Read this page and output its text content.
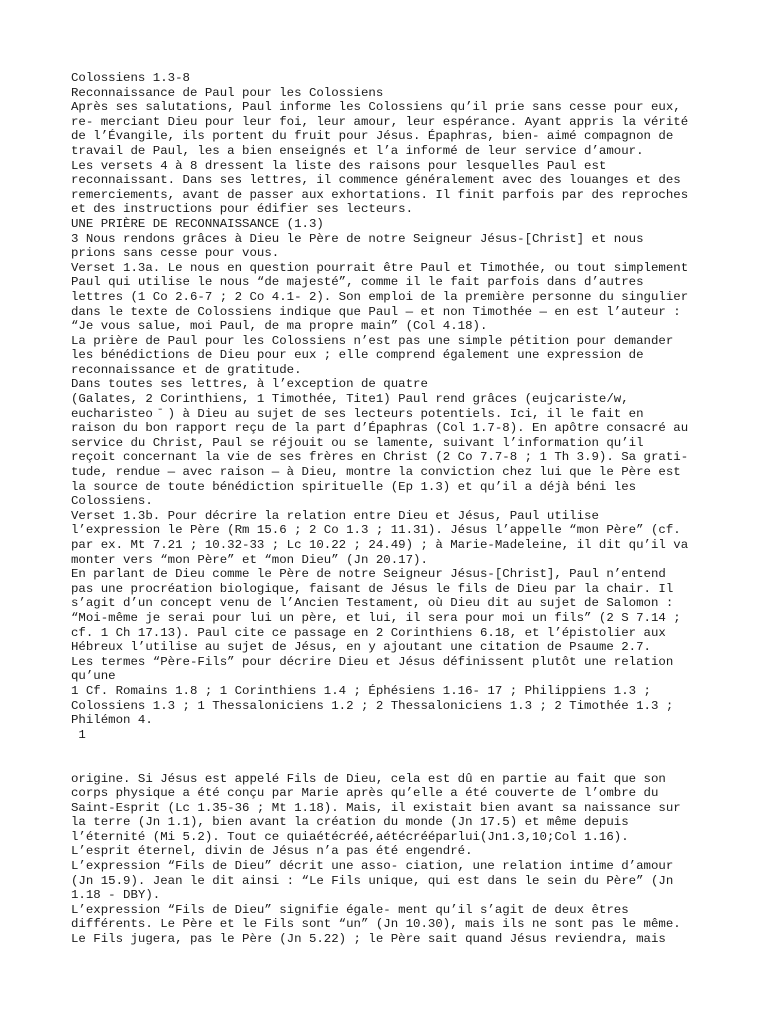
Colossiens 1.3-8
Reconnaissance de Paul pour les Colossiens
Après ses salutations, Paul informe les Colossiens qu’il prie sans cesse pour eux,
re- merciant Dieu pour leur foi, leur amour, leur espérance. Ayant appris la vérité
de l’Évangile, ils portent du fruit pour Jésus. Épaphras, bien- aimé compagnon de
travail de Paul, les a bien enseignés et l’a informé de leur service d’amour.
Les versets 4 à 8 dressent la liste des raisons pour lesquelles Paul est
reconnaissant. Dans ses lettres, il commence généralement avec des louanges et des
remerciements, avant de passer aux exhortations. Il finit parfois par des reproches
et des instructions pour édifier ses lecteurs.
UNE PRIÈRE DE RECONNAISSANCE (1.3)
3 Nous rendons grâces à Dieu le Père de notre Seigneur Jésus-[Christ] et nous
prions sans cesse pour vous.
Verset 1.3a. Le nous en question pourrait être Paul et Timothée, ou tout simplement
Paul qui utilise le nous “de majesté”, comme il le fait parfois dans d’autres
lettres (1 Co 2.6-7 ; 2 Co 4.1- 2). Son emploi de la première personne du singulier
dans le texte de Colossiens indique que Paul — et non Timothée — en est l’auteur :
“Je vous salue, moi Paul, de ma propre main” (Col 4.18).
La prière de Paul pour les Colossiens n’est pas une simple pétition pour demander
les bénédictions de Dieu pour eux ; elle comprend également une expression de
reconnaissance et de gratitude.
Dans toutes ses lettres, à l’exception de quatre
(Galates, 2 Corinthiens, 1 Timothée, Tite1) Paul rend grâces (eujcariste/w,
eucharisteo ̄ ) à Dieu au sujet de ses lecteurs potentiels. Ici, il le fait en
raison du bon rapport reçu de la part d’Épaphras (Col 1.7-8). En apôtre consacré au
service du Christ, Paul se réjouit ou se lamente, suivant l’information qu’il
reçoit concernant la vie de ses frères en Christ (2 Co 7.7-8 ; 1 Th 3.9). Sa grati-
tude, rendue — avec raison — à Dieu, montre la conviction chez lui que le Père est
la source de toute bénédiction spirituelle (Ep 1.3) et qu’il a déjà béni les
Colossiens.
Verset 1.3b. Pour décrire la relation entre Dieu et Jésus, Paul utilise
l’expression le Père (Rm 15.6 ; 2 Co 1.3 ; 11.31). Jésus l’appelle “mon Père” (cf.
par ex. Mt 7.21 ; 10.32-33 ; Lc 10.22 ; 24.49) ; à Marie-Madeleine, il dit qu’il va
monter vers “mon Père” et “mon Dieu” (Jn 20.17).
En parlant de Dieu comme le Père de notre Seigneur Jésus-[Christ], Paul n’entend
pas une procréation biologique, faisant de Jésus le fils de Dieu par la chair. Il
s’agit d’un concept venu de l’Ancien Testament, où Dieu dit au sujet de Salomon :
“Moi-même je serai pour lui un père, et lui, il sera pour moi un fils” (2 S 7.14 ;
cf. 1 Ch 17.13). Paul cite ce passage en 2 Corinthiens 6.18, et l’épistolier aux
Hébreux l’utilise au sujet de Jésus, en y ajoutant une citation de Psaume 2.7.
Les termes “Père-Fils” pour décrire Dieu et Jésus définissent plutôt une relation
qu’une
1 Cf. Romains 1.8 ; 1 Corinthiens 1.4 ; Éphésiens 1.16- 17 ; Philippiens 1.3 ;
Colossiens 1.3 ; 1 Thessaloniciens 1.2 ; 2 Thessaloniciens 1.3 ; 2 Timothée 1.3 ;
Philémon 4.
1
origine. Si Jésus est appelé Fils de Dieu, cela est dû en partie au fait que son
corps physique a été conçu par Marie après qu’elle a été couverte de l’ombre du
Saint-Esprit (Lc 1.35-36 ; Mt 1.18). Mais, il existait bien avant sa naissance sur
la terre (Jn 1.1), bien avant la création du monde (Jn 17.5) et même depuis
l’éternité (Mi 5.2). Tout ce quiaétécréé,aétécrééparlui(Jn1.3,10;Col 1.16).
L’esprit éternel, divin de Jésus n’a pas été engendré.
L’expression “Fils de Dieu” décrit une asso- ciation, une relation intime d’amour
(Jn 15.9). Jean le dit ainsi : “Le Fils unique, qui est dans le sein du Père” (Jn
1.18 - DBY).
L’expression “Fils de Dieu” signifie égale- ment qu’il s’agit de deux êtres
différents. Le Père et le Fils sont “un” (Jn 10.30), mais ils ne sont pas le même.
Le Fils jugera, pas le Père (Jn 5.22) ; le Père sait quand Jésus reviendra, mais
